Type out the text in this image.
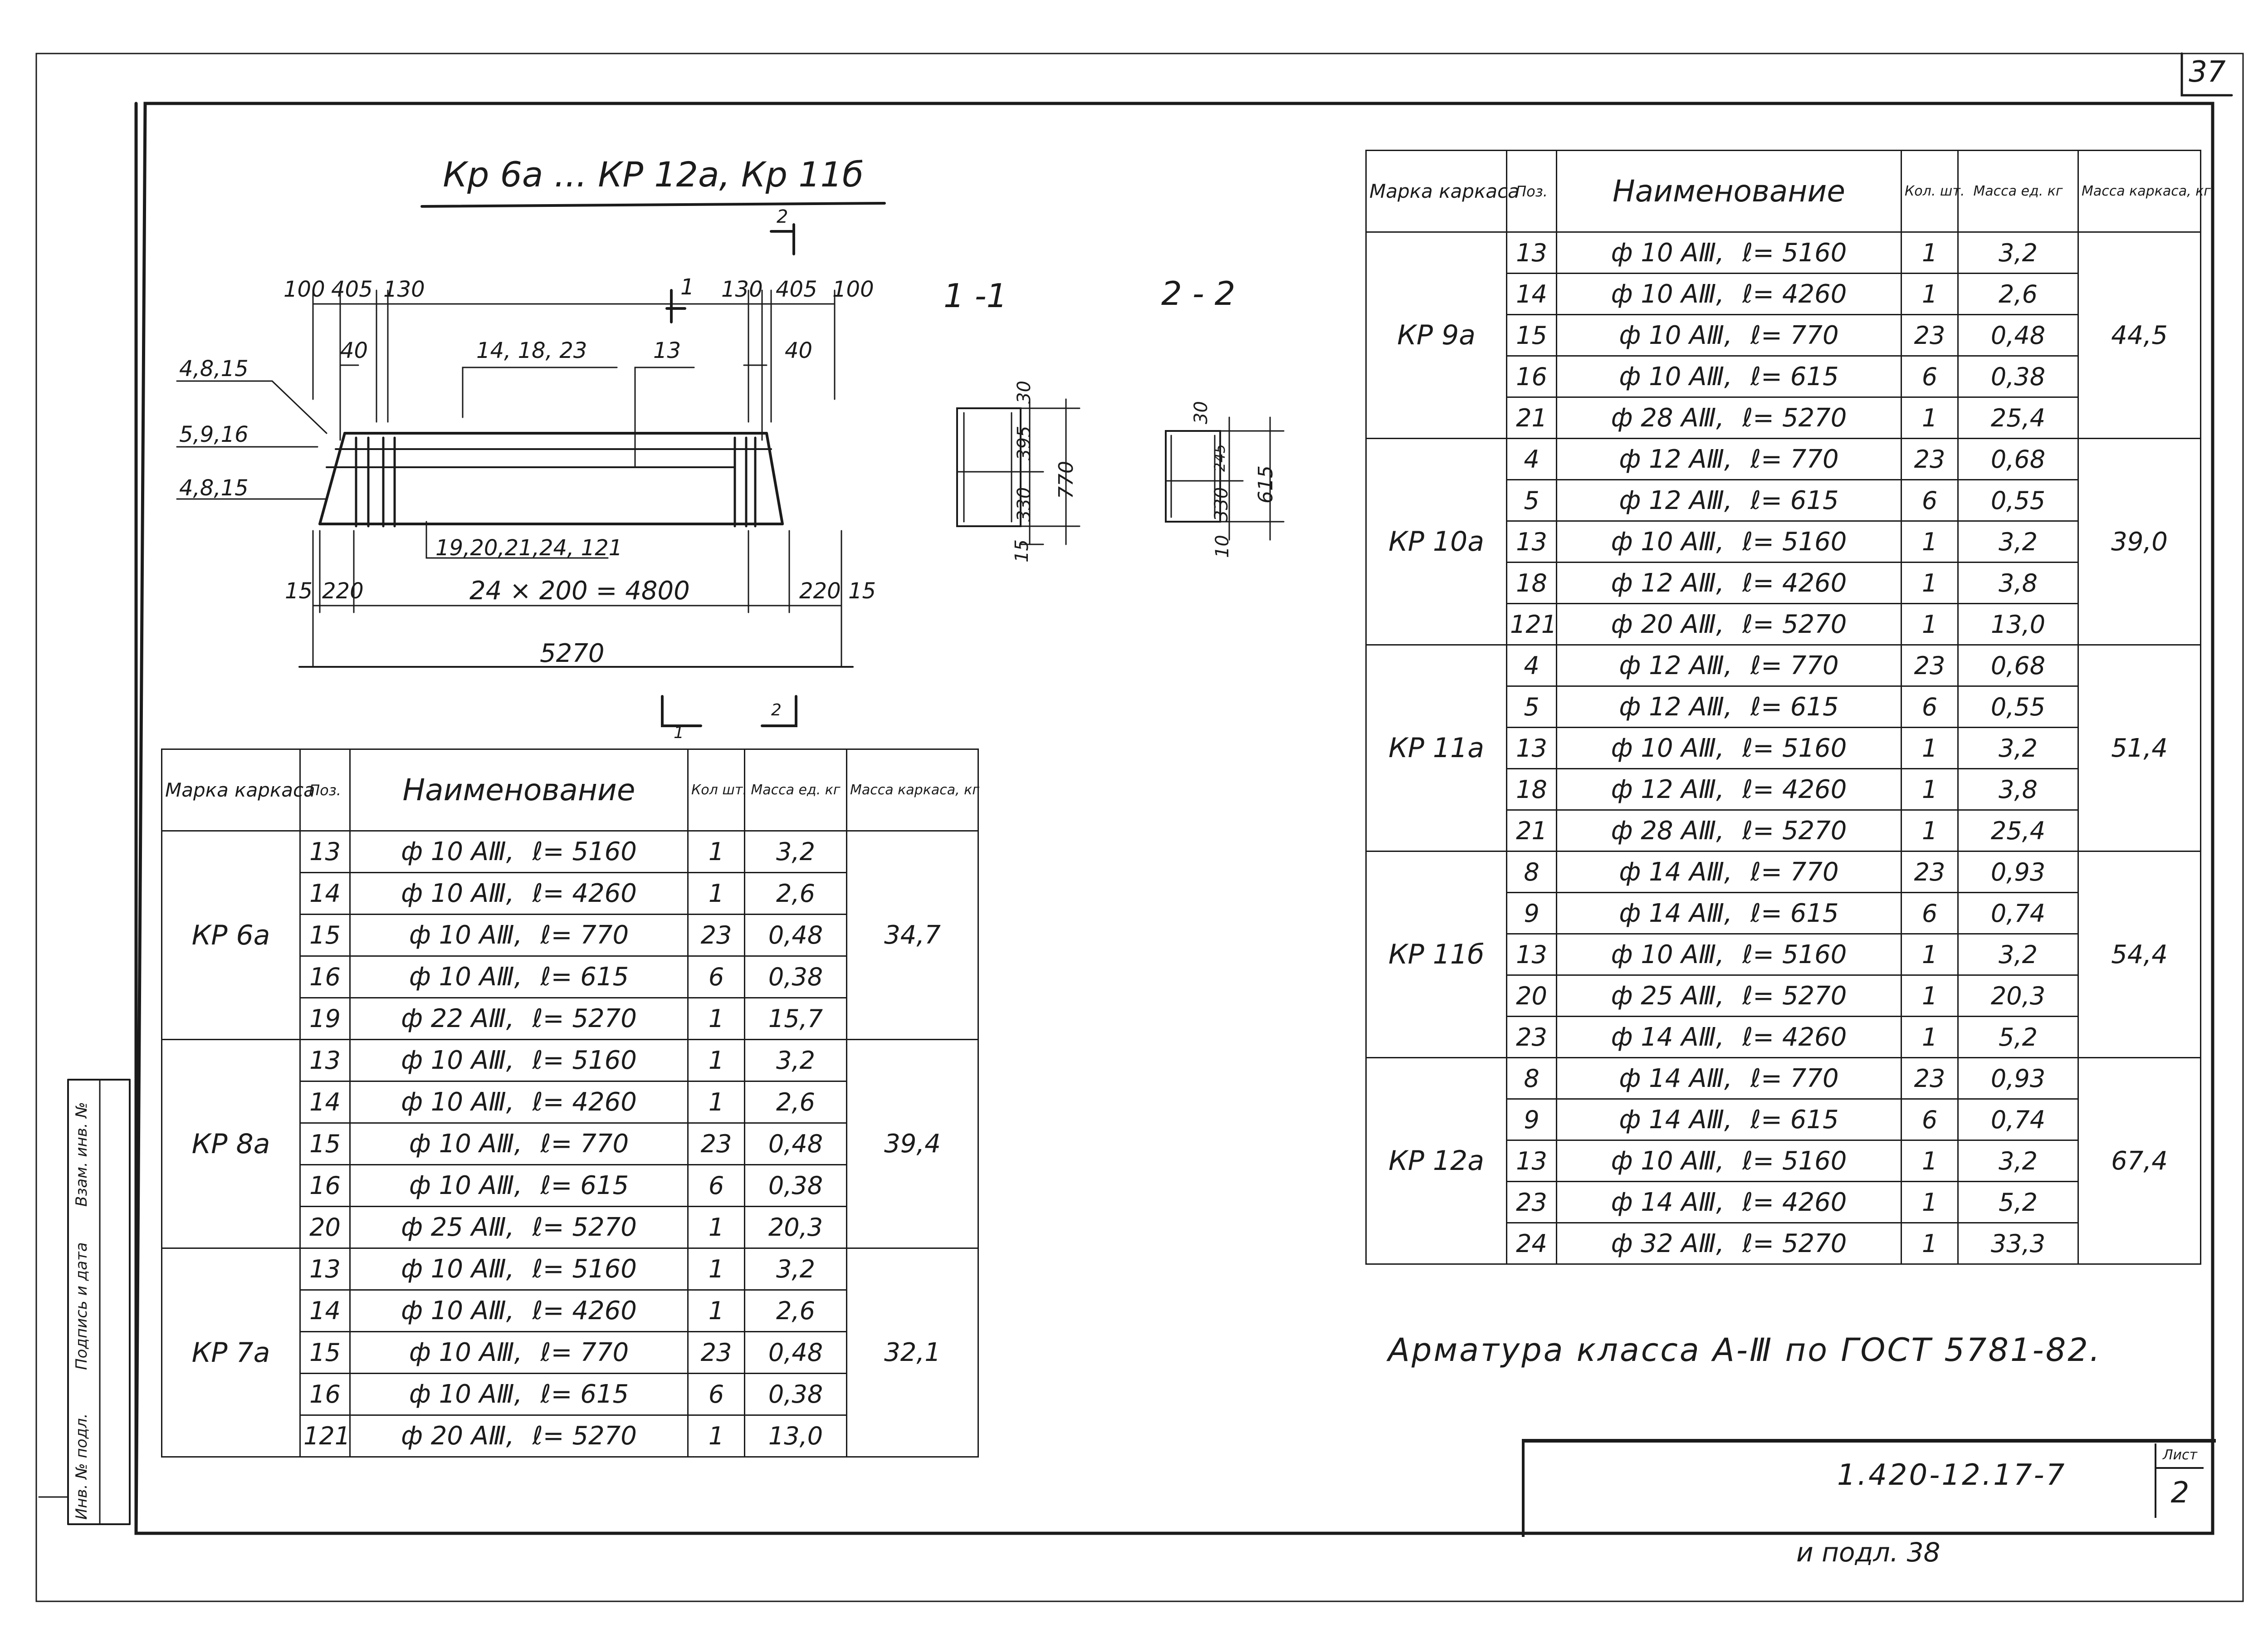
37
Кр 6а ... КР 12а, Кр 11б
1 -1	2 - 2
2
1
1
2
100 405 130	130 405 100
40	40
14, 18, 23	13
4,8,15
5,9,16
4,8,15
19,20,21,24, 121
24 × 200 = 4800
15 220	220 15
5270
30
395
330
15
770
30
245
330
10
615
Марка каркаса	Поз.	Наименование	Кол шт.	Масса ед. кг	Масса каркаса, кг
КР 6а	13	ф 10 АⅢ, ℓ= 5160	1	3,2	34,7
	14	ф 10 АⅢ, ℓ= 4260	1	2,6	
	15	ф 10 АⅢ, ℓ= 770	23	0,48	
	16	ф 10 АⅢ, ℓ= 615	6	0,38	
	19	ф 22 АⅢ, ℓ= 5270	1	15,7	
КР 8а	13	ф 10 АⅢ, ℓ= 5160	1	3,2	39,4
	14	ф 10 АⅢ, ℓ= 4260	1	2,6	
	15	ф 10 АⅢ, ℓ= 770	23	0,48	
	16	ф 10 АⅢ, ℓ= 615	6	0,38	
	20	ф 25 АⅢ, ℓ= 5270	1	20,3	
КР 7а	13	ф 10 АⅢ, ℓ= 5160	1	3,2	32,1
	14	ф 10 АⅢ, ℓ= 4260	1	2,6	
	15	ф 10 АⅢ, ℓ= 770	23	0,48	
	16	ф 10 АⅢ, ℓ= 615	6	0,38	
	121	ф 20 АⅢ, ℓ= 5270	1	13,0	
Марка каркаса	Поз.	Наименование	Кол. шт.	Масса ед. кг	Масса каркаса, кг
КР 9а	13	ф 10 АⅢ, ℓ= 5160	1	3,2	44,5
	14	ф 10 АⅢ, ℓ= 4260	1	2,6	
	15	ф 10 АⅢ, ℓ= 770	23	0,48	
	16	ф 10 АⅢ, ℓ= 615	6	0,38	
	21	ф 28 АⅢ, ℓ= 5270	1	25,4	
КР 10а	4	ф 12 АⅢ, ℓ= 770	23	0,68	39,0
	5	ф 12 АⅢ, ℓ= 615	6	0,55	
	13	ф 10 АⅢ, ℓ= 5160	1	3,2	
	18	ф 12 АⅢ, ℓ= 4260	1	3,8	
	121	ф 20 АⅢ, ℓ= 5270	1	13,0	
КР 11а	4	ф 12 АⅢ, ℓ= 770	23	0,68	51,4
	5	ф 12 АⅢ, ℓ= 615	6	0,55	
	13	ф 10 АⅢ, ℓ= 5160	1	3,2	
	18	ф 12 АⅢ, ℓ= 4260	1	3,8	
	21	ф 28 АⅢ, ℓ= 5270	1	25,4	
КР 11б	8	ф 14 АⅢ, ℓ= 770	23	0,93	54,4
	9	ф 14 АⅢ, ℓ= 615	6	0,74	
	13	ф 10 АⅢ, ℓ= 5160	1	3,2	
	20	ф 25 АⅢ, ℓ= 5270	1	20,3	
	23	ф 14 АⅢ, ℓ= 4260	1	5,2	
КР 12а	8	ф 14 АⅢ, ℓ= 770	23	0,93	67,4
	9	ф 14 АⅢ, ℓ= 615	6	0,74	
	13	ф 10 АⅢ, ℓ= 5160	1	3,2	
	23	ф 14 АⅢ, ℓ= 4260	1	5,2	
	24	ф 32 АⅢ, ℓ= 5270	1	33,3	
Арматура класса А-Ⅲ по ГОСТ 5781-82.
1.420-12.17-7
Лист
2
и подл. 38
Взам. инв. №
Подпись и дата
Инв. № подл.
